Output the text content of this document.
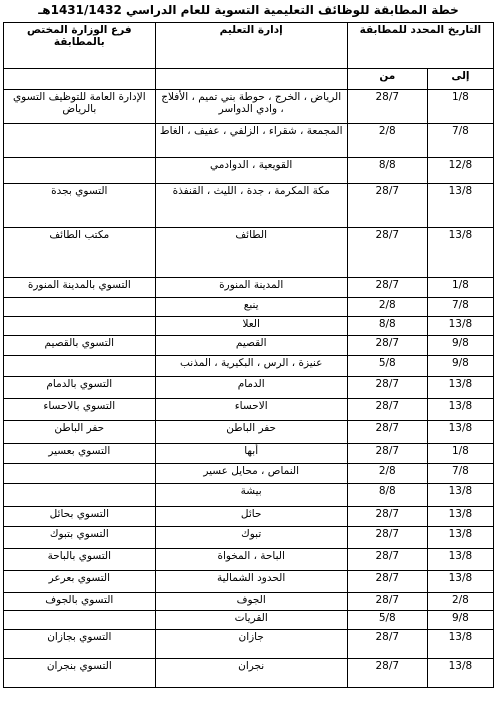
خطة المطابقة للوظائف التعليمية التسوية للعام الدراسي 1431/1432هـ
التاريخ المحدد للمطابقة		إدارة التعليم	فرع الوزارة المختص بالمطابقة
إلى	من		
1/8	28/7	الرياض ، الخرج ، حوطة بني تميم ، الأفلاج ، وادي الدواسر	الإدارة العامة للتوظيف التسوي بالرياض
7/8	2/8	المجمعة ، شقراء ، الزلفي ، عفيف ، الغاط	
12/8	8/8	القويعية ، الدوادمي	
13/8	28/7	مكة المكرمة ، جدة ، الليث ، القنفذة	التسوي بجدة
13/8	28/7	الطائف	مكتب الطائف
1/8	28/7	المدينة المنورة	التسوي بالمدينة المنورة
7/8	2/8	ينبع	
13/8	8/8	العلا	
9/8	28/7	القصيم	التسوي بالقصيم
9/8	5/8	عنيزة ، الرس ، البكيرية ، المذنب	
13/8	28/7	الدمام	التسوي بالدمام
13/8	28/7	الاحساء	التسوي بالاحساء
13/8	28/7	حفر الباطن	حفر الباطن
1/8	28/7	أبها	التسوي بعسير
7/8	2/8	النماص ، محايل عسير	
13/8	8/8	بيشة	
13/8	28/7	حائل	التسوي بحائل
13/8	28/7	تبوك	التسوي بتبوك
13/8	28/7	الباحة ، المخواة	التسوي بالباحة
13/8	28/7	الحدود الشمالية	التسوي بعرعر
2/8	28/7	الجوف	التسوي بالجوف
9/8	5/8	القريات	
13/8	28/7	جازان	التسوي بجازان
13/8	28/7	نجران	التسوي بنجران
